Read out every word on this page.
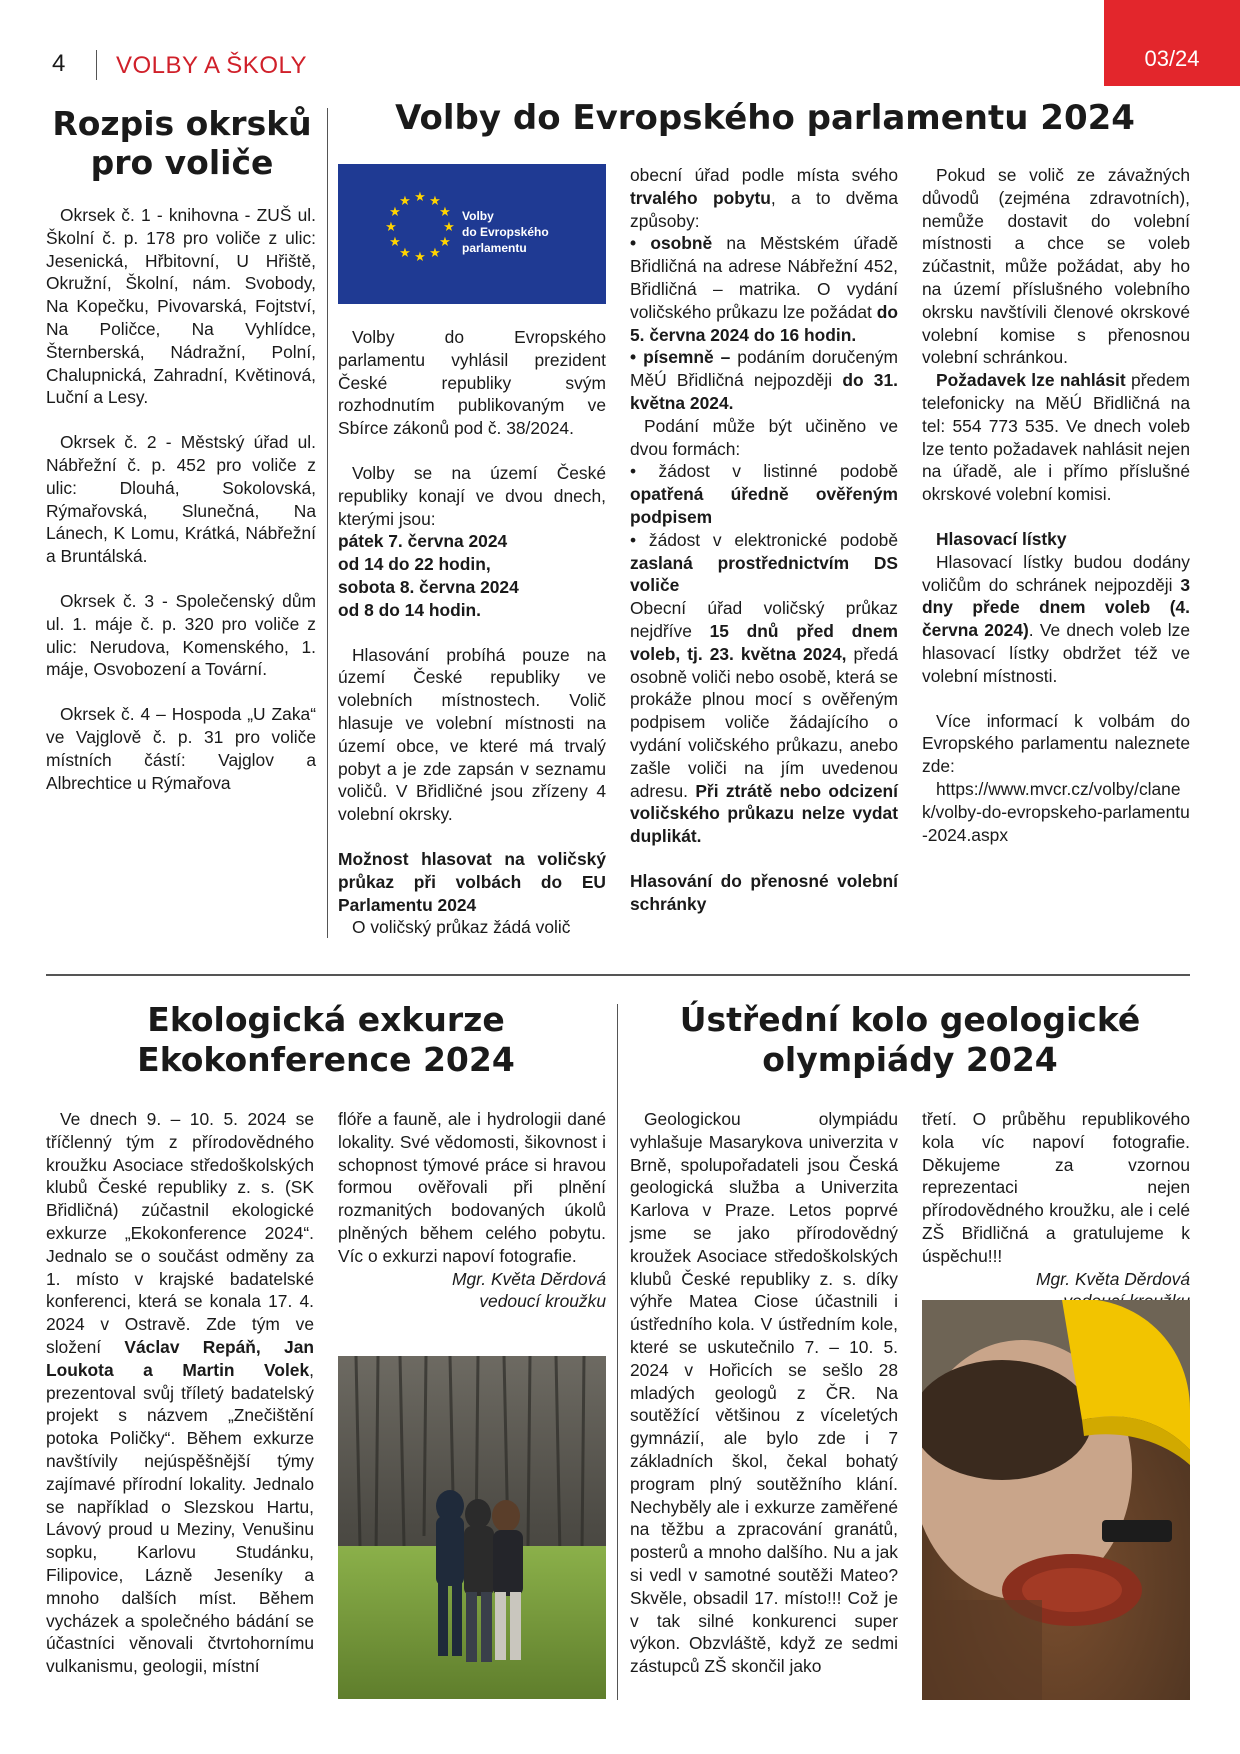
4 VOLBY A ŠKOLY	03/24
Rozpis okrsků pro voliče

Okrsek č. 1 - knihovna - ZUŠ ul. Školní č. p. 178 pro voliče z ulic: Jesenická, Hřbitovní, U Hřiště, Okružní, Školní, nám. Svobody, Na Kopečku, Pivovarská, Fojtství, Na Poličce, Na Vyhlídce, Šternberská, Nádražní, Polní, Chalupnická, Zahradní, Květinová, Luční a Lesy.

Okrsek č. 2 - Městský úřad ul. Nábřežní č. p. 452 pro voliče z ulic: Dlouhá, Sokolovská, Rýmařovská, Slunečná, Na Lánech, K Lomu, Krátká, Nábřežní a Bruntálská.

Okrsek č. 3 - Společenský dům ul. 1. máje č. p. 320 pro voliče z ulic: Nerudova, Komenského, 1. máje, Osvobození a Tovární.

Okrsek č. 4 – Hospoda „U Zaka“ ve Vajglově č. p. 31 pro voliče místních částí: Vajglov a Albrechtice u Rýmařova

Volby do Evropského parlamentu 2024
★ ★
★
★
★
★
★
★
★
★
★
★
Volby
do Evropského
parlamentu

Volby do Evropského parlamentu vyhlásil prezident České republiky svým rozhodnutím publikovaným ve Sbírce zákonů pod č. 38/2024.

Volby se na území České republiky konají ve dvou dnech, kterými jsou:

pátek 7. června 2024

od 14 do 22 hodin,

sobota 8. června 2024

od 8 do 14 hodin.

Hlasování probíhá pouze na území České republiky ve volebních místnostech. Volič hlasuje ve volební místnosti na území obce, ve které má trvalý pobyt a je zde zapsán v seznamu voličů. V Břidličné jsou zřízeny 4 volební okrsky.

Možnost hlasovat na voličský průkaz při volbách do EU Parlamentu 2024

O voličský průkaz žádá volič

obecní úřad podle místa svého trvalého pobytu, a to dvěma způsoby:

• osobně na Městském úřadě Břidličná na adrese Nábřežní 452, Břidličná – matrika. O vydání voličského průkazu lze požádat do 5. června 2024 do 16 hodin.

• písemně – podáním doručeným MěÚ Břidličná nejpozději do 31. května 2024.

Podání může být učiněno ve dvou formách:

• žádost v listinné podobě opatřená úředně ověřeným podpisem

• žádost v elektronické podobě zaslaná prostřednictvím DS voliče

Obecní úřad voličský průkaz nejdříve 15 dnů před dnem voleb, tj. 23. května 2024, předá osobně voliči nebo osobě, která se prokáže plnou mocí s ověřeným podpisem voliče žádajícího o vydání voličského průkazu, anebo zašle voliči na jím uvedenou adresu. Při ztrátě nebo odcizení voličského průkazu nelze vydat duplikát.

Hlasování do přenosné volební schránky

Pokud se volič ze závažných důvodů (zejména zdravotních), nemůže dostavit do volební místnosti a chce se voleb zúčastnit, může požádat, aby ho na území příslušného volebního okrsku navštívili členové okrskové volební komise s přenosnou volební schránkou.

Požadavek lze nahlásit předem telefonicky na MěÚ Břidličná na tel: 554 773 535. Ve dnech voleb lze tento požadavek nahlásit nejen na úřadě, ale i přímo příslušné okrskové volební komisi.

Hlasovací lístky

Hlasovací lístky budou dodány voličům do schránek nejpozději 3 dny přede dnem voleb (4. června 2024). Ve dnech voleb lze hlasovací lístky obdržet též ve volební místnosti.

Více informací k volbám do Evropského parlamentu naleznete zde:

https://www.mvcr.cz/volby/clanek/volby-do-evropskeho-parlamentu-2024.aspx

Ekologická exkurze
Ekokonference 2024

Ve dnech 9. – 10. 5. 2024 se tříčlenný tým z přírodovědného kroužku Asociace středoškolských klubů České republiky z. s. (SK Břidličná) zúčastnil ekologické exkurze „Ekokonference 2024“. Jednalo se o součást odměny za 1. místo v krajské badatelské konferenci, která se konala 17. 4. 2024 v Ostravě. Zde tým ve složení Václav Repáň, Jan Loukota a Martin Volek, prezentoval svůj tříletý badatelský projekt s názvem „Znečištění potoka Poličky“. Během exkurze navštívily nejúspěšnější týmy zajímavé přírodní lokality. Jednalo se například o Slezskou Hartu, Lávový proud u Meziny, Venušinu sopku, Karlovu Studánku, Filipovice, Lázně Jeseníky a mnoho dalších míst. Během vycházek a společného bádání se účastníci věnovali čtvrtohornímu vulkanismu, geologii, místní

flóře a fauně, ale i hydrologii dané lokality. Své vědomosti, šikovnost i schopnost týmové práce si hravou formou ověřovali při plnění rozmanitých bodovaných úkolů plněných během celého pobytu. Víc o exkurzi napoví fotografie.

Mgr. Květa Děrdová

vedoucí kroužku

Ústřední kolo geologické
olympiády 2024

Geologickou olympiádu vyhlašuje Masarykova univerzita v Brně, spolupořadateli jsou Česká geologická služba a Univerzita Karlova v Praze. Letos poprvé jsme se jako přírodovědný kroužek Asociace středoškolských klubů České republiky z. s. díky výhře Matea Ciose účastnili i ústředního kola. V ústředním kole, které se uskutečnilo 7. – 10. 5. 2024 v Hořicích se sešlo 28 mladých geologů z ČR. Na soutěžící většinou z víceletých gymnázií, ale bylo zde i 7 základních škol, čekal bohatý program plný soutěžního klání. Nechyběly ale i exkurze zaměřené na těžbu a zpracování granátů, posterů a mnoho dalšího. Nu a jak si vedl v samotné soutěži Mateo? Skvěle, obsadil 17. místo!!! Což je v tak silné konkurenci super výkon. Obzvláště, když ze sedmi zástupců ZŠ skončil jako

třetí. O průběhu republikového kola víc napoví fotografie. Děkujeme za vzornou reprezentaci nejen přírodovědného kroužku, ale i celé ZŠ Břidličná a gratulujeme k úspěchu!!!

Mgr. Květa Děrdová
